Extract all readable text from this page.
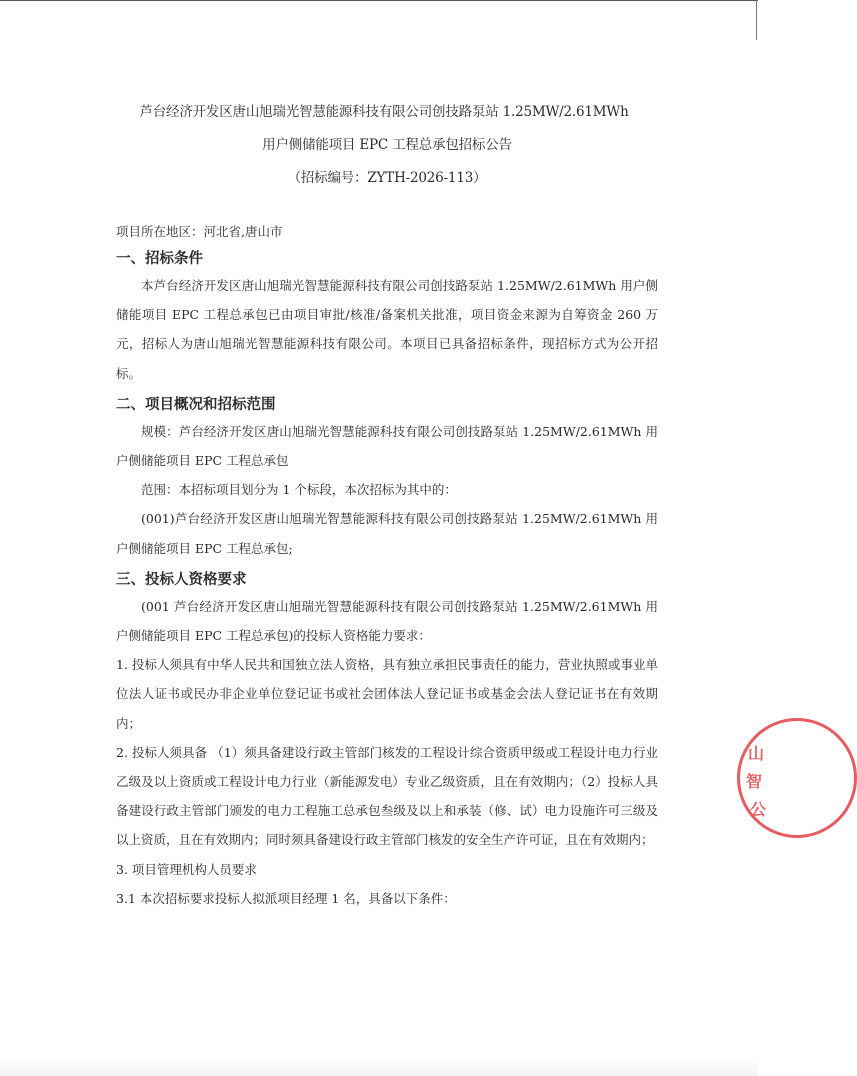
芦台经济开发区唐山旭瑞光智慧能源科技有限公司创技路泵站 1.25MW/2.61MWh
用户侧储能项目 EPC 工程总承包招标公告
（招标编号：ZYTH-2026-113）
项目所在地区：河北省,唐山市
一、招标条件

本芦台经济开发区唐山旭瑞光智慧能源科技有限公司创技路泵站 1.25MW/2.61MWh 用户侧储能项目 EPC 工程总承包已由项目审批/核准/备案机关批准，项目资金来源为自筹资金 260 万元，招标人为唐山旭瑞光智慧能源科技有限公司。本项目已具备招标条件，现招标方式为公开招标。

二、项目概况和招标范围

规模：芦台经济开发区唐山旭瑞光智慧能源科技有限公司创技路泵站 1.25MW/2.61MWh 用户侧储能项目 EPC 工程总承包

范围：本招标项目划分为 1 个标段，本次招标为其中的：

(001)芦台经济开发区唐山旭瑞光智慧能源科技有限公司创技路泵站 1.25MW/2.61MWh 用户侧储能项目 EPC 工程总承包;

三、投标人资格要求

(001 芦台经济开发区唐山旭瑞光智慧能源科技有限公司创技路泵站 1.25MW/2.61MWh 用户侧储能项目 EPC 工程总承包)的投标人资格能力要求：

1. 投标人须具有中华人民共和国独立法人资格，具有独立承担民事责任的能力，营业执照或事业单位法人证书或民办非企业单位登记证书或社会团体法人登记证书或基金会法人登记证书在有效期内；

2. 投标人须具备 （1）须具备建设行政主管部门核发的工程设计综合资质甲级或工程设计电力行业乙级及以上资质或工程设计电力行业（新能源发电）专业乙级资质，且在有效期内；（2）投标人具备建设行政主管部门颁发的电力工程施工总承包叁级及以上和承装（修、试）电力设施许可三级及以上资质，且在有效期内；同时须具备建设行政主管部门核发的安全生产许可证，且在有效期内；

3. 项目管理机构人员要求

3.1 本次招标要求投标人拟派项目经理 1 名，具备以下条件：

山
智
公
